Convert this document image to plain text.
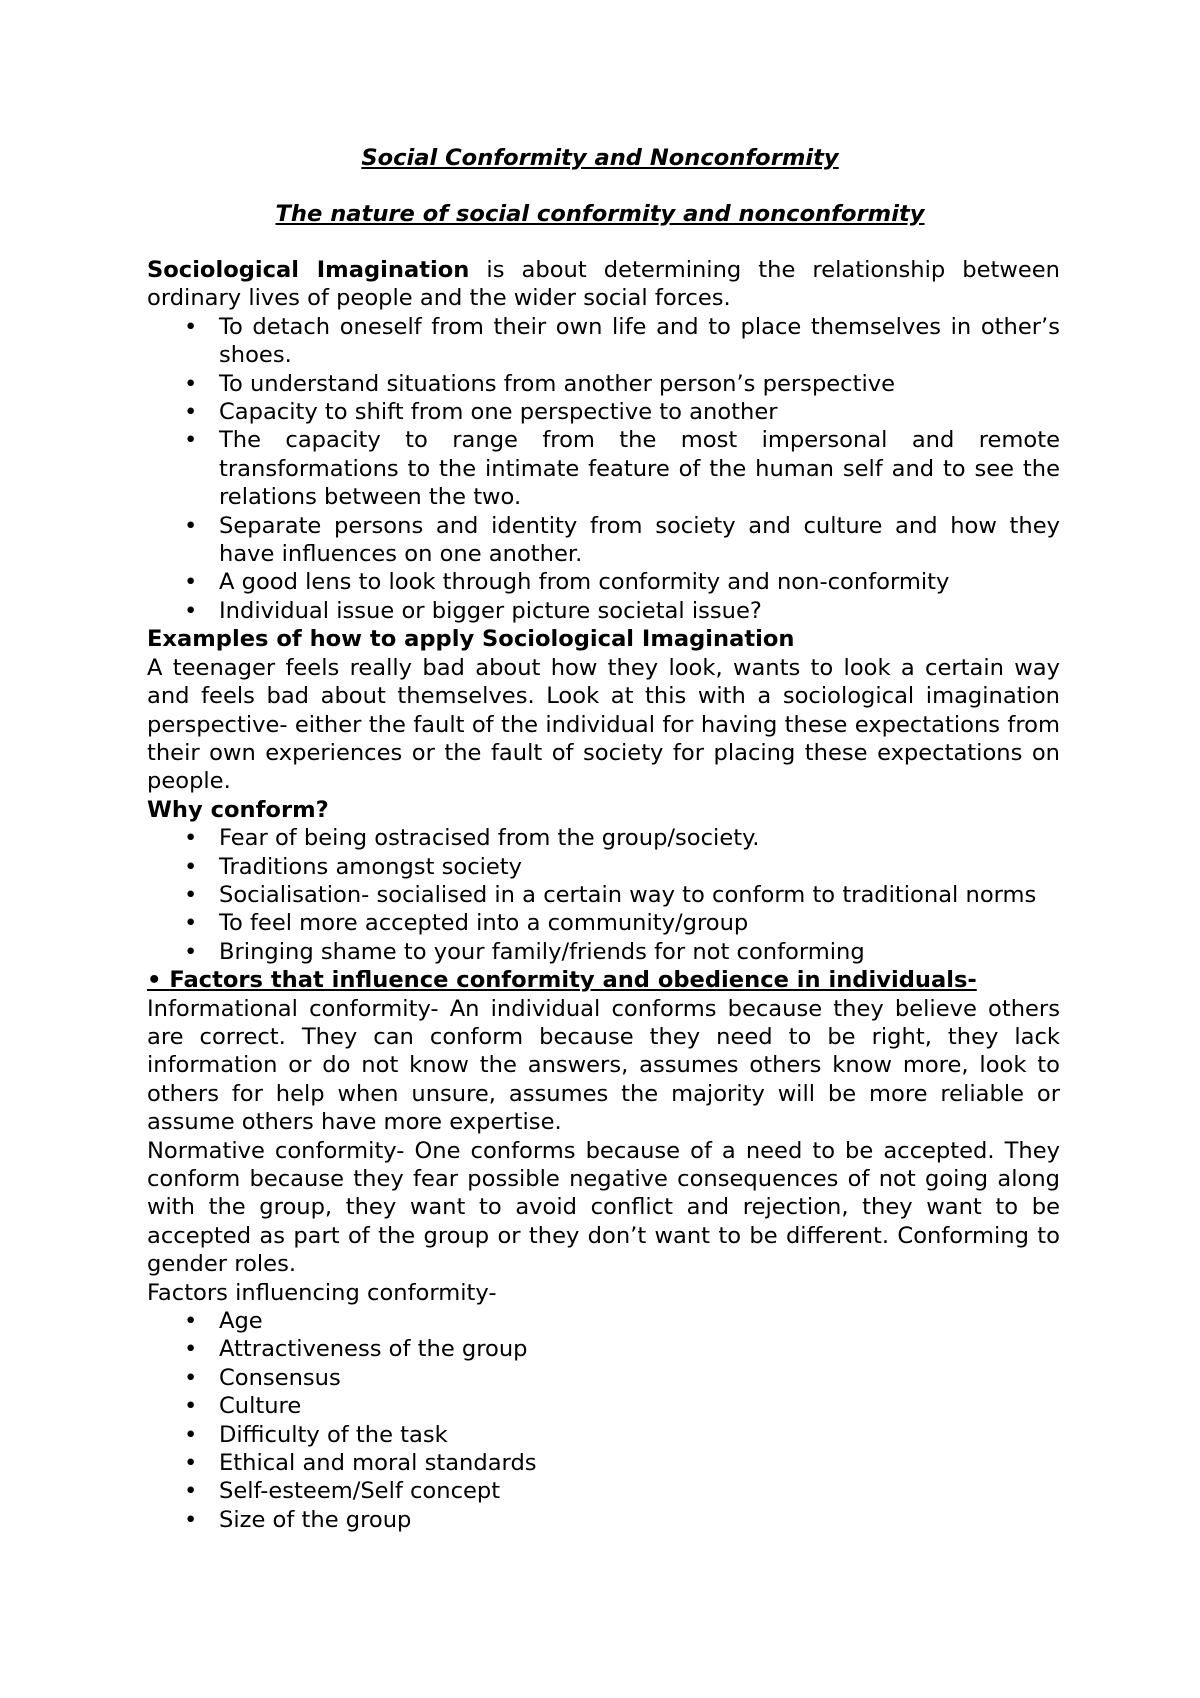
Social Conformity and Nonconformity
The nature of social conformity and nonconformity

Sociological Imagination is about determining the relationship between ordinary lives of people and the wider social forces.

• To detach oneself from their own life and to place themselves in other’s shoes.
• To understand situations from another person’s perspective
• Capacity to shift from one perspective to another
• The capacity to range from the most impersonal and remote transformations to the intimate feature of the human self and to see the relations between the two.
• Separate persons and identity from society and culture and how they have influences on one another.
• A good lens to look through from conformity and non-conformity
• Individual issue or bigger picture societal issue?

Examples of how to apply Sociological Imagination

A teenager feels really bad about how they look, wants to look a certain way and feels bad about themselves. Look at this with a sociological imagination perspective- either the fault of the individual for having these expectations from their own experiences or the fault of society for placing these expectations on people.

Why conform?

• Fear of being ostracised from the group/society.
• Traditions amongst society
• Socialisation- socialised in a certain way to conform to traditional norms
• To feel more accepted into a community/group
• Bringing shame to your family/friends for not conforming

• Factors that influence conformity and obedience in individuals-

Informational conformity- An individual conforms because they believe others are correct. They can conform because they need to be right, they lack information or do not know the answers, assumes others know more, look to others for help when unsure, assumes the majority will be more reliable or assume others have more expertise.

Normative conformity- One conforms because of a need to be accepted. They conform because they fear possible negative consequences of not going along with the group, they want to avoid conflict and rejection, they want to be accepted as part of the group or they don’t want to be different. Conforming to gender roles.

Factors influencing conformity-

• Age
• Attractiveness of the group
• Consensus
• Culture
• Difficulty of the task
• Ethical and moral standards
• Self-esteem/Self concept
• Size of the group
